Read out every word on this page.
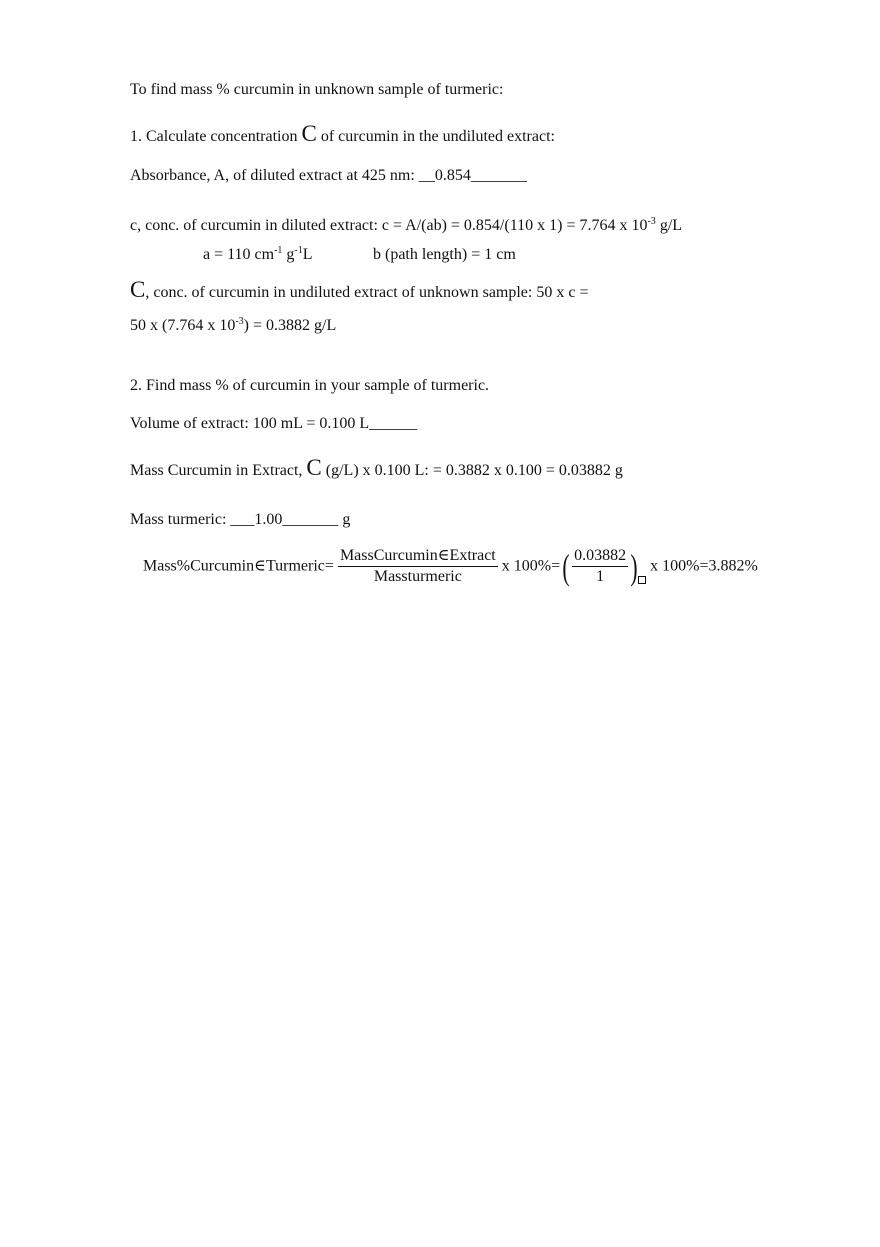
To find mass % curcumin in unknown sample of turmeric:
1. Calculate concentration C of curcumin in the undiluted extract:
Absorbance, A, of diluted extract at 425 nm: __0.854_______
c, conc. of curcumin in diluted extract: c = A/(ab) = 0.854/(110 x 1) = 7.764 x $10^{-3}$ g/L
a = 110 $cm^{-1}$ $g^{-1}L$	b (path length) = 1 cm
C, conc. of curcumin in undiluted extract of unknown sample: 50 x c =
50 x (7.764 x $10^{-3}) = 0.3882$ g/L
2. Find mass % of curcumin in your sample of turmeric.
Volume of extract: 100 mL = 0.100 L______
Mass Curcumin in Extract, C (g/L) x 0.100 L: = 0.3882 x 0.100 = 0.03882 g
Mass turmeric: ___1.00_______ g
Mass%Curcumin∈Turmeric= $\frac{\text{MassCurcumin∈Extract}}{\text{Massturmeric}}$ x $100\%=( \frac{0.03882}{1}$ ) x 100%=3.882%
